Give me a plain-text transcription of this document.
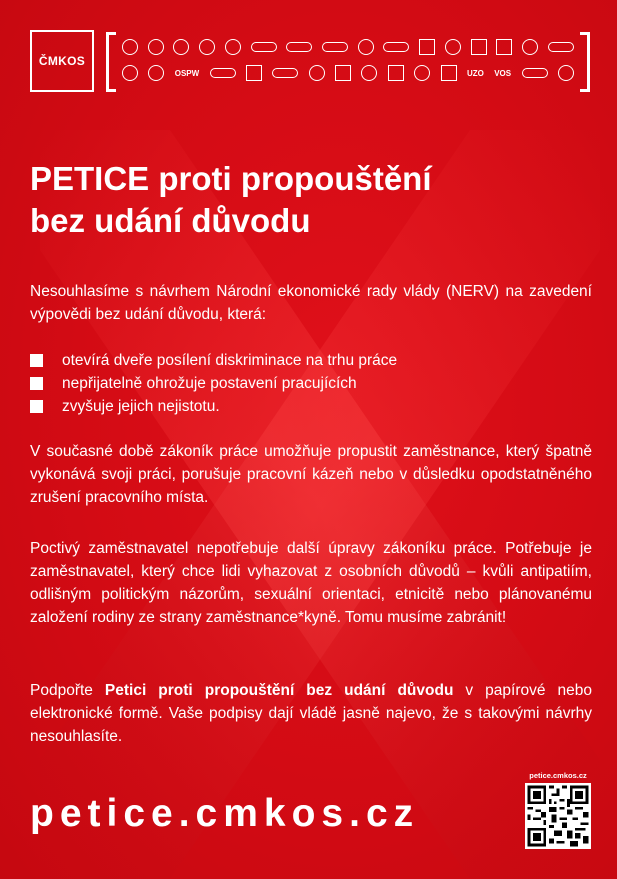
ČMKOS
OSPW	UZO VOS
PETICE proti propouštění
bez udání důvodu

Nesouhlasíme s návrhem Národní ekonomické rady vlády (NERV) na zavedení výpovědi bez udání důvodu, která:

otevírá dveře posílení diskriminace na trhu práce
nepřijatelně ohrožuje postavení pracujících
zvyšuje jejich nejistotu.

V současné době zákoník práce umožňuje propustit zaměstnance, který špatně vykonává svoji práci, porušuje pracovní kázeň nebo v důsledku opodstatněného zrušení pracovního místa.

Poctivý zaměstnavatel nepotřebuje další úpravy zákoníku práce. Potřebuje je zaměstnavatel, který chce lidi vyhazovat z osobních důvodů – kvůli antipatiím, odlišným politickým názorům, sexuální orientaci, etnicitě nebo plánovanému založení rodiny ze strany zaměstnance*kyně. Tomu musíme zabránit!

Podpořte Petici proti propouštění bez udání důvodu v papírové nebo elektronické formě. Vaše podpisy dají vládě jasně najevo, že s takovými návrhy nesouhlasíte.

petice.cmkos.cz
petice.cmkos.cz
